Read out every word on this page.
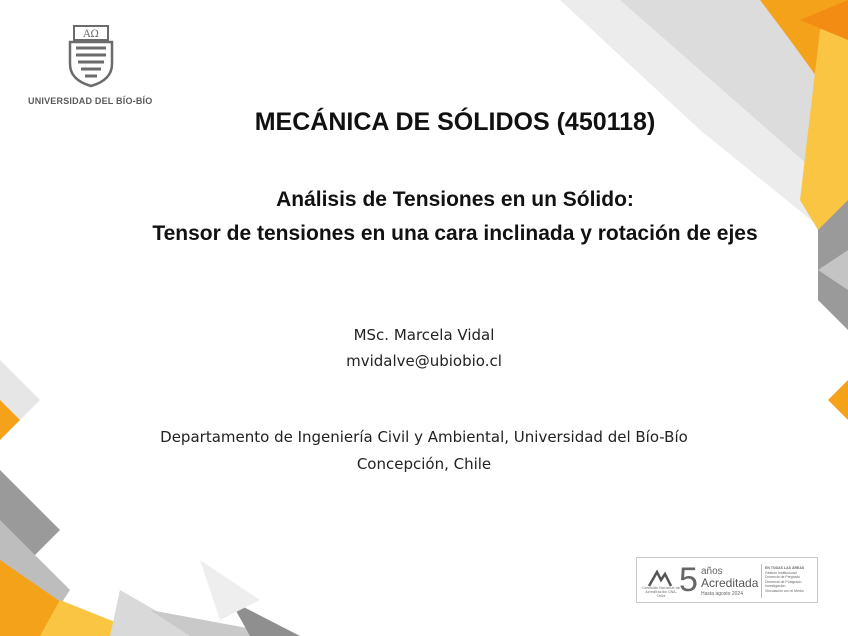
ΑΩ
UNIVERSIDAD DEL BÍO-BÍO
MECÁNICA DE SÓLIDOS (450118)
Análisis de Tensiones en un Sólido:
Tensor de tensiones en una cara inclinada y rotación de ejes
MSc. Marcela Vidal
mvidalve@ubiobio.cl
Departamento de Ingeniería Civil y Ambiental, Universidad del Bío-Bío
Concepción, Chile
Comisión Nacional de Acreditación CNA-Chile 5 años
Acreditada
Hasta agosto 2024
EN TODAS LAS ÁREAS
Gestión Institucional
Docencia de Pregrado
Docencia de Postgrado
Investigación
Vinculación con el Medio
